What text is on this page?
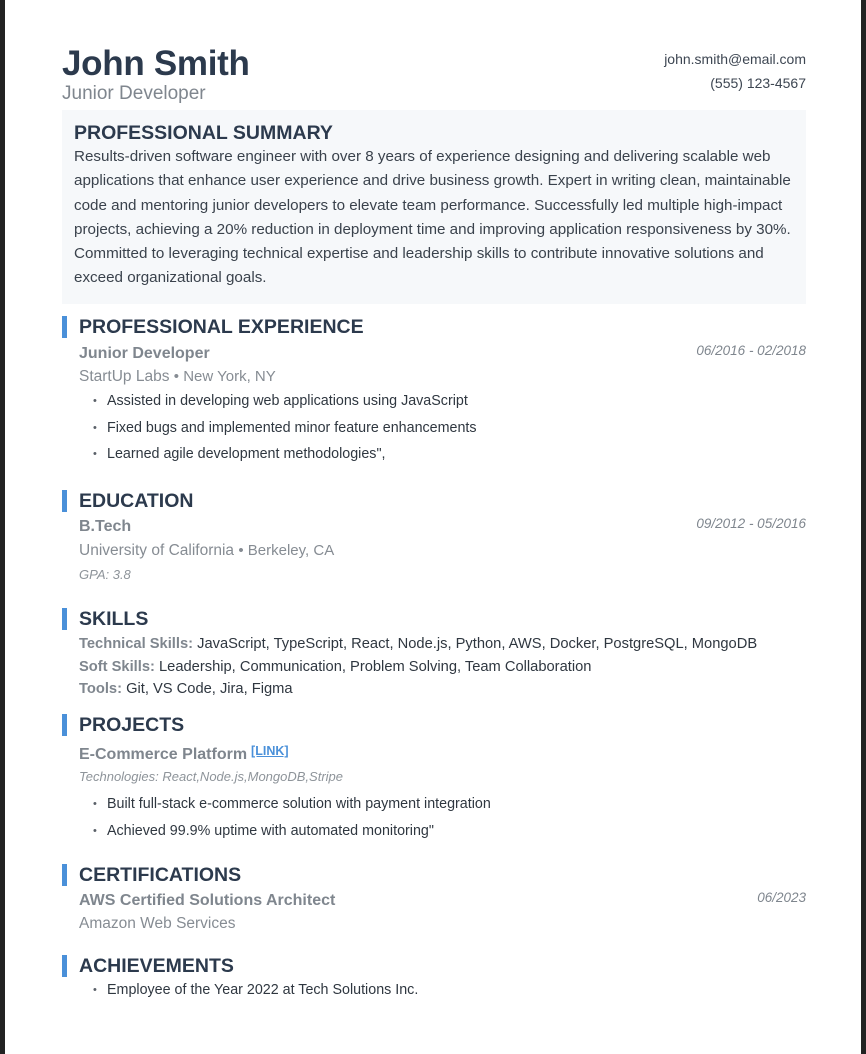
John Smith
Junior Developer
john.smith@email.com
(555) 123-4567
PROFESSIONAL SUMMARY

Results-driven software engineer with over 8 years of experience designing and delivering scalable web applications that enhance user experience and drive business growth. Expert in writing clean, maintainable code and mentoring junior developers to elevate team performance. Successfully led multiple high-impact projects, achieving a 20% reduction in deployment time and improving application responsiveness by 30%. Committed to leveraging technical expertise and leadership skills to contribute innovative solutions and exceed organizational goals.

PROFESSIONAL EXPERIENCE
Junior Developer	06/2016 - 02/2018
StartUp Labs • New York, NY
• Assisted in developing web applications using JavaScript
• Fixed bugs and implemented minor feature enhancements
• Learned agile development methodologies",
EDUCATION
B.Tech	09/2012 - 05/2016
University of California • Berkeley, CA
GPA: 3.8
SKILLS
Technical Skills: JavaScript, TypeScript, React, Node.js, Python, AWS, Docker, PostgreSQL, MongoDB
Soft Skills: Leadership, Communication, Problem Solving, Team Collaboration
Tools: Git, VS Code, Jira, Figma
PROJECTS
E-Commerce Platform [LINK]
Technologies: React,Node.js,MongoDB,Stripe
• Built full-stack e-commerce solution with payment integration
• Achieved 99.9% uptime with automated monitoring"
CERTIFICATIONS
AWS Certified Solutions Architect	06/2023
Amazon Web Services
ACHIEVEMENTS
• Employee of the Year 2022 at Tech Solutions Inc.
